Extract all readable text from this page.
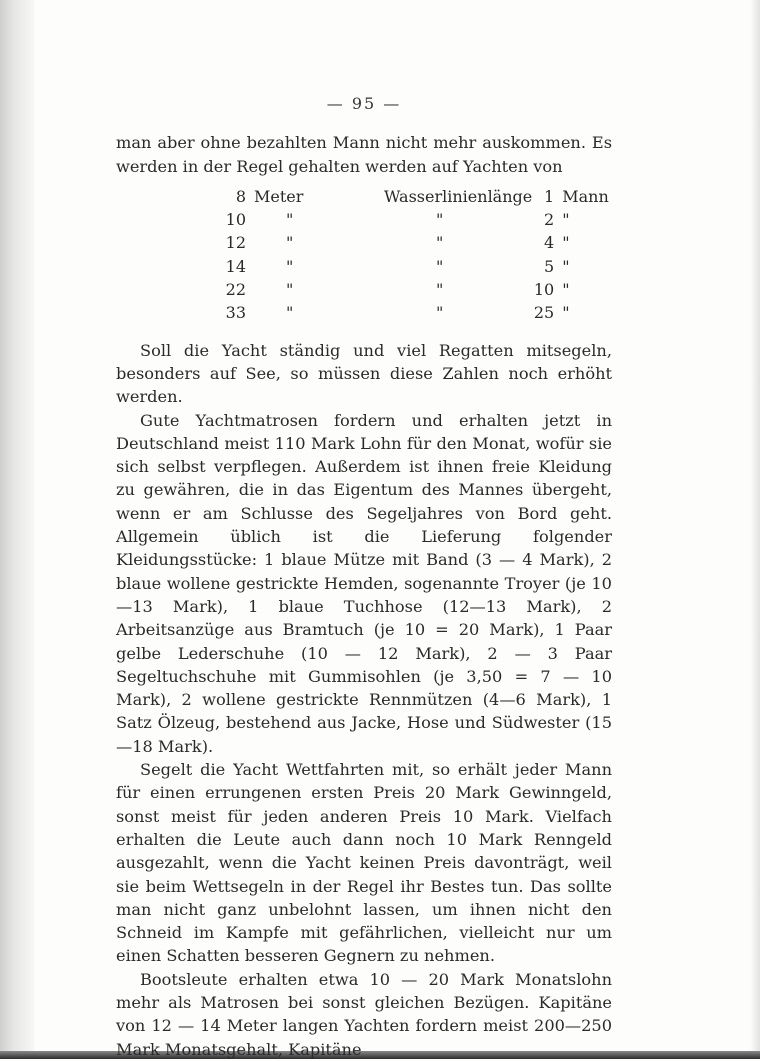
— 95 —

man aber ohne bezahlten Mann nicht mehr auskommen. Es werden in der Regel gehalten werden auf Yachten von

8	Meter	Wasserlinienlänge	1	Mann
10	"	"	2	"
12	"	"	4	"
14	"	"	5	"
22	"	"	10	"
33	"	"	25	"

Soll die Yacht ständig und viel Regatten mitsegeln, besonders auf See, so müssen diese Zahlen noch erhöht werden.

Gute Yachtmatrosen fordern und erhalten jetzt in Deutschland meist 110 Mark Lohn für den Monat, wofür sie sich selbst verpflegen. Außerdem ist ihnen freie Kleidung zu gewähren, die in das Eigentum des Mannes übergeht, wenn er am Schlusse des Segeljahres von Bord geht. Allgemein üblich ist die Lieferung folgender Kleidungsstücke: 1 blaue Mütze mit Band (3 — 4 Mark), 2 blaue wollene gestrickte Hemden, sogenannte Troyer (je 10—13 Mark), 1 blaue Tuchhose (12—13 Mark), 2 Arbeitsanzüge aus Bramtuch (je 10 = 20 Mark), 1 Paar gelbe Lederschuhe (10 — 12 Mark), 2 — 3 Paar Segeltuchschuhe mit Gummisohlen (je 3,50 = 7 — 10 Mark), 2 wollene gestrickte Rennmützen (4—6 Mark), 1 Satz Ölzeug, bestehend aus Jacke, Hose und Südwester (15—18 Mark).

Segelt die Yacht Wettfahrten mit, so erhält jeder Mann für einen errungenen ersten Preis 20 Mark Gewinngeld, sonst meist für jeden anderen Preis 10 Mark. Vielfach erhalten die Leute auch dann noch 10 Mark Renngeld ausgezahlt, wenn die Yacht keinen Preis davonträgt, weil sie beim Wettsegeln in der Regel ihr Bestes tun. Das sollte man nicht ganz unbelohnt lassen, um ihnen nicht den Schneid im Kampfe mit gefährlichen, vielleicht nur um einen Schatten besseren Gegnern zu nehmen.

Bootsleute erhalten etwa 10 — 20 Mark Monatslohn mehr als Matrosen bei sonst gleichen Bezügen. Kapitäne von 12 — 14 Meter langen Yachten fordern meist 200—250 Mark Monatsgehalt, Kapitäne
